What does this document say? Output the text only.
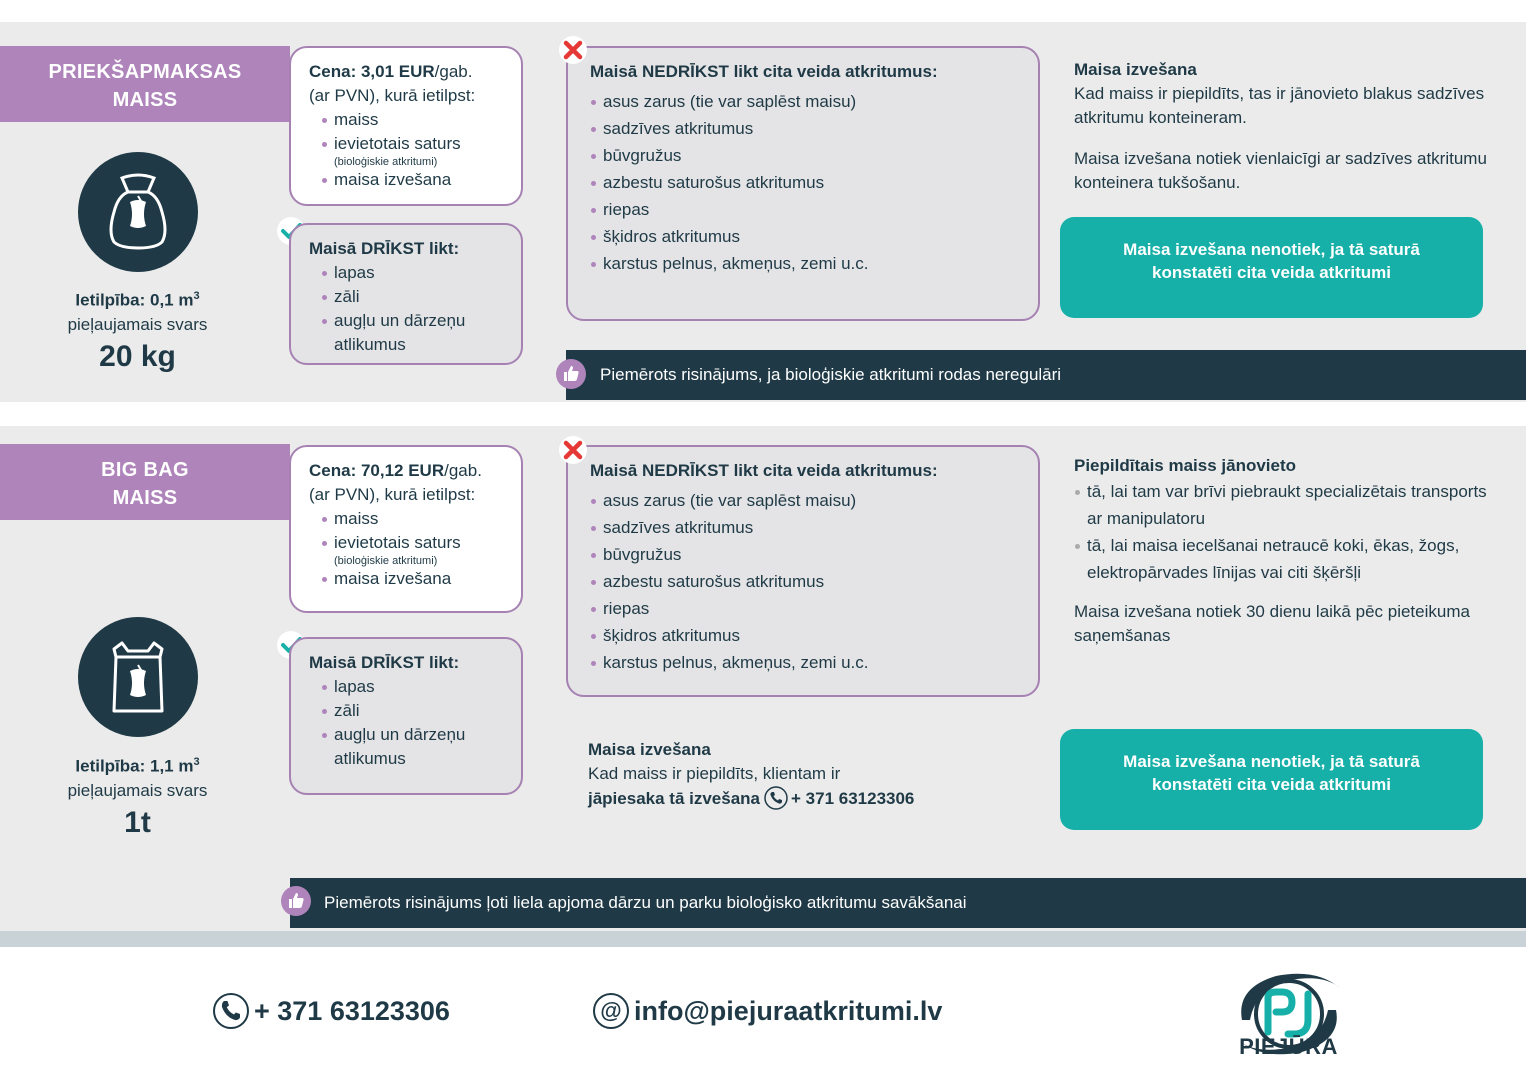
PRIEKŠAPMAKSAS
MAISS
Ietilpība: 0,1 $m^3$
pieļaujamais svars
20 kg

Cena: 3,01 EUR/gab.

(ar PVN), kurā ietilpst:

maiss
ievietotais saturs
(bioloģiskie atkritumi)
maisa izvešana
Maisā DRĪKST likt:
lapas
zāli
augļu un dārzeņu atlikumus
Maisā NEDRĪKST likt cita veida atkritumus:
asus zarus (tie var saplēst maisu)
sadzīves atkritumus
būvgružus
azbestu saturošus atkritumus
riepas
šķidros atkritumus
karstus pelnus, akmeņus, zemi u.c.
Maisa izvešana
Kad maiss ir piepildīts, tas ir jānovieto blakus sadzīves atkritumu konteineram.
Maisa izvešana notiek vienlaicīgi ar sadzīves atkritumu konteinera tukšošanu.
Maisa izvešana nenotiek, ja tā saturā
konstatēti cita veida atkritumi
Piemērots risinājums, ja bioloģiskie atkritumi rodas neregulāri
BIG BAG
MAISS
Ietilpība: 1,1 $m^3$
pieļaujamais svars
1t

Cena: 70,12 EUR/gab.

(ar PVN), kurā ietilpst:

maiss
ievietotais saturs
(bioloģiskie atkritumi)
maisa izvešana
Maisā DRĪKST likt:
lapas
zāli
augļu un dārzeņu atlikumus
Maisā NEDRĪKST likt cita veida atkritumus:
asus zarus (tie var saplēst maisu)
sadzīves atkritumus
būvgružus
azbestu saturošus atkritumus
riepas
šķidros atkritumus
karstus pelnus, akmeņus, zemi u.c.
Piepildītais maiss jānovieto
tā, lai tam var brīvi piebraukt specializētais transports ar manipulatoru
tā, lai maisa iecelšanai netraucē koki, ēkas, žogs, elektropārvades līnijas vai citi šķēršļi
Maisa izvešana notiek 30 dienu laikā pēc pieteikuma saņemšanas
Maisa izvešana
Kad maiss ir piepildīts, klientam ir
jāpiesaka tā izvešana + 371 63123306
Maisa izvešana nenotiek, ja tā saturā
konstatēti cita veida atkritumi
Piemērots risinājums ļoti liela apjoma dārzu un parku bioloģisko atkritumu savākšanai
+ 371 63123306	@ info@piejuraatkritumi.lv
PIEJŪRA
